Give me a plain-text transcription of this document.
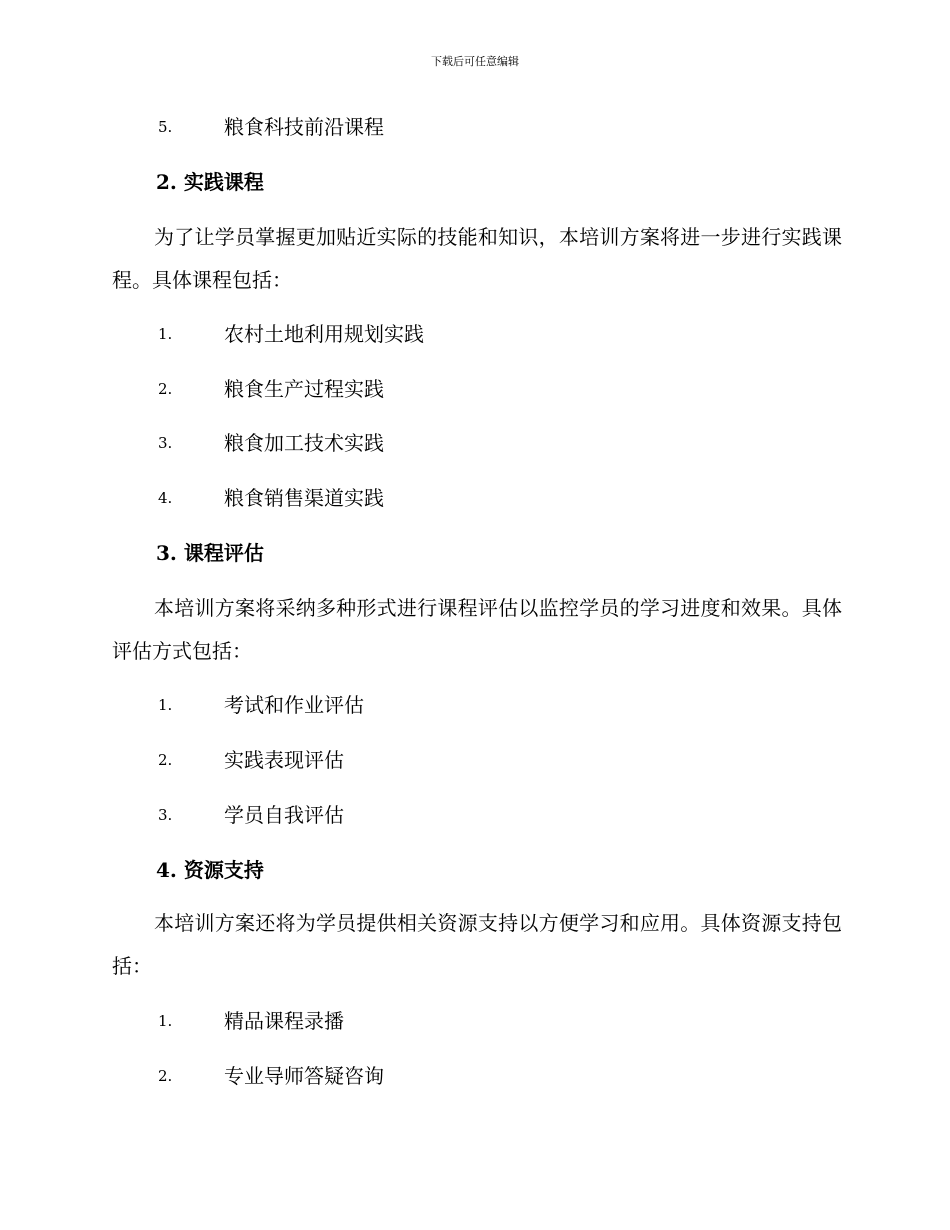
下载后可任意编辑
5.	粮食科技前沿课程
2. 实践课程
为了让学员掌握更加贴近实际的技能和知识，本培训方案将进一步进行实践课程。具体课程包括：
1.	农村土地利用规划实践
2.	粮食生产过程实践
3.	粮食加工技术实践
4.	粮食销售渠道实践
3. 课程评估
本培训方案将采纳多种形式进行课程评估以监控学员的学习进度和效果。具体评估方式包括：
1.	考试和作业评估
2.	实践表现评估
3.	学员自我评估
4. 资源支持
本培训方案还将为学员提供相关资源支持以方便学习和应用。具体资源支持包括：
1.	精品课程录播
2.	专业导师答疑咨询
